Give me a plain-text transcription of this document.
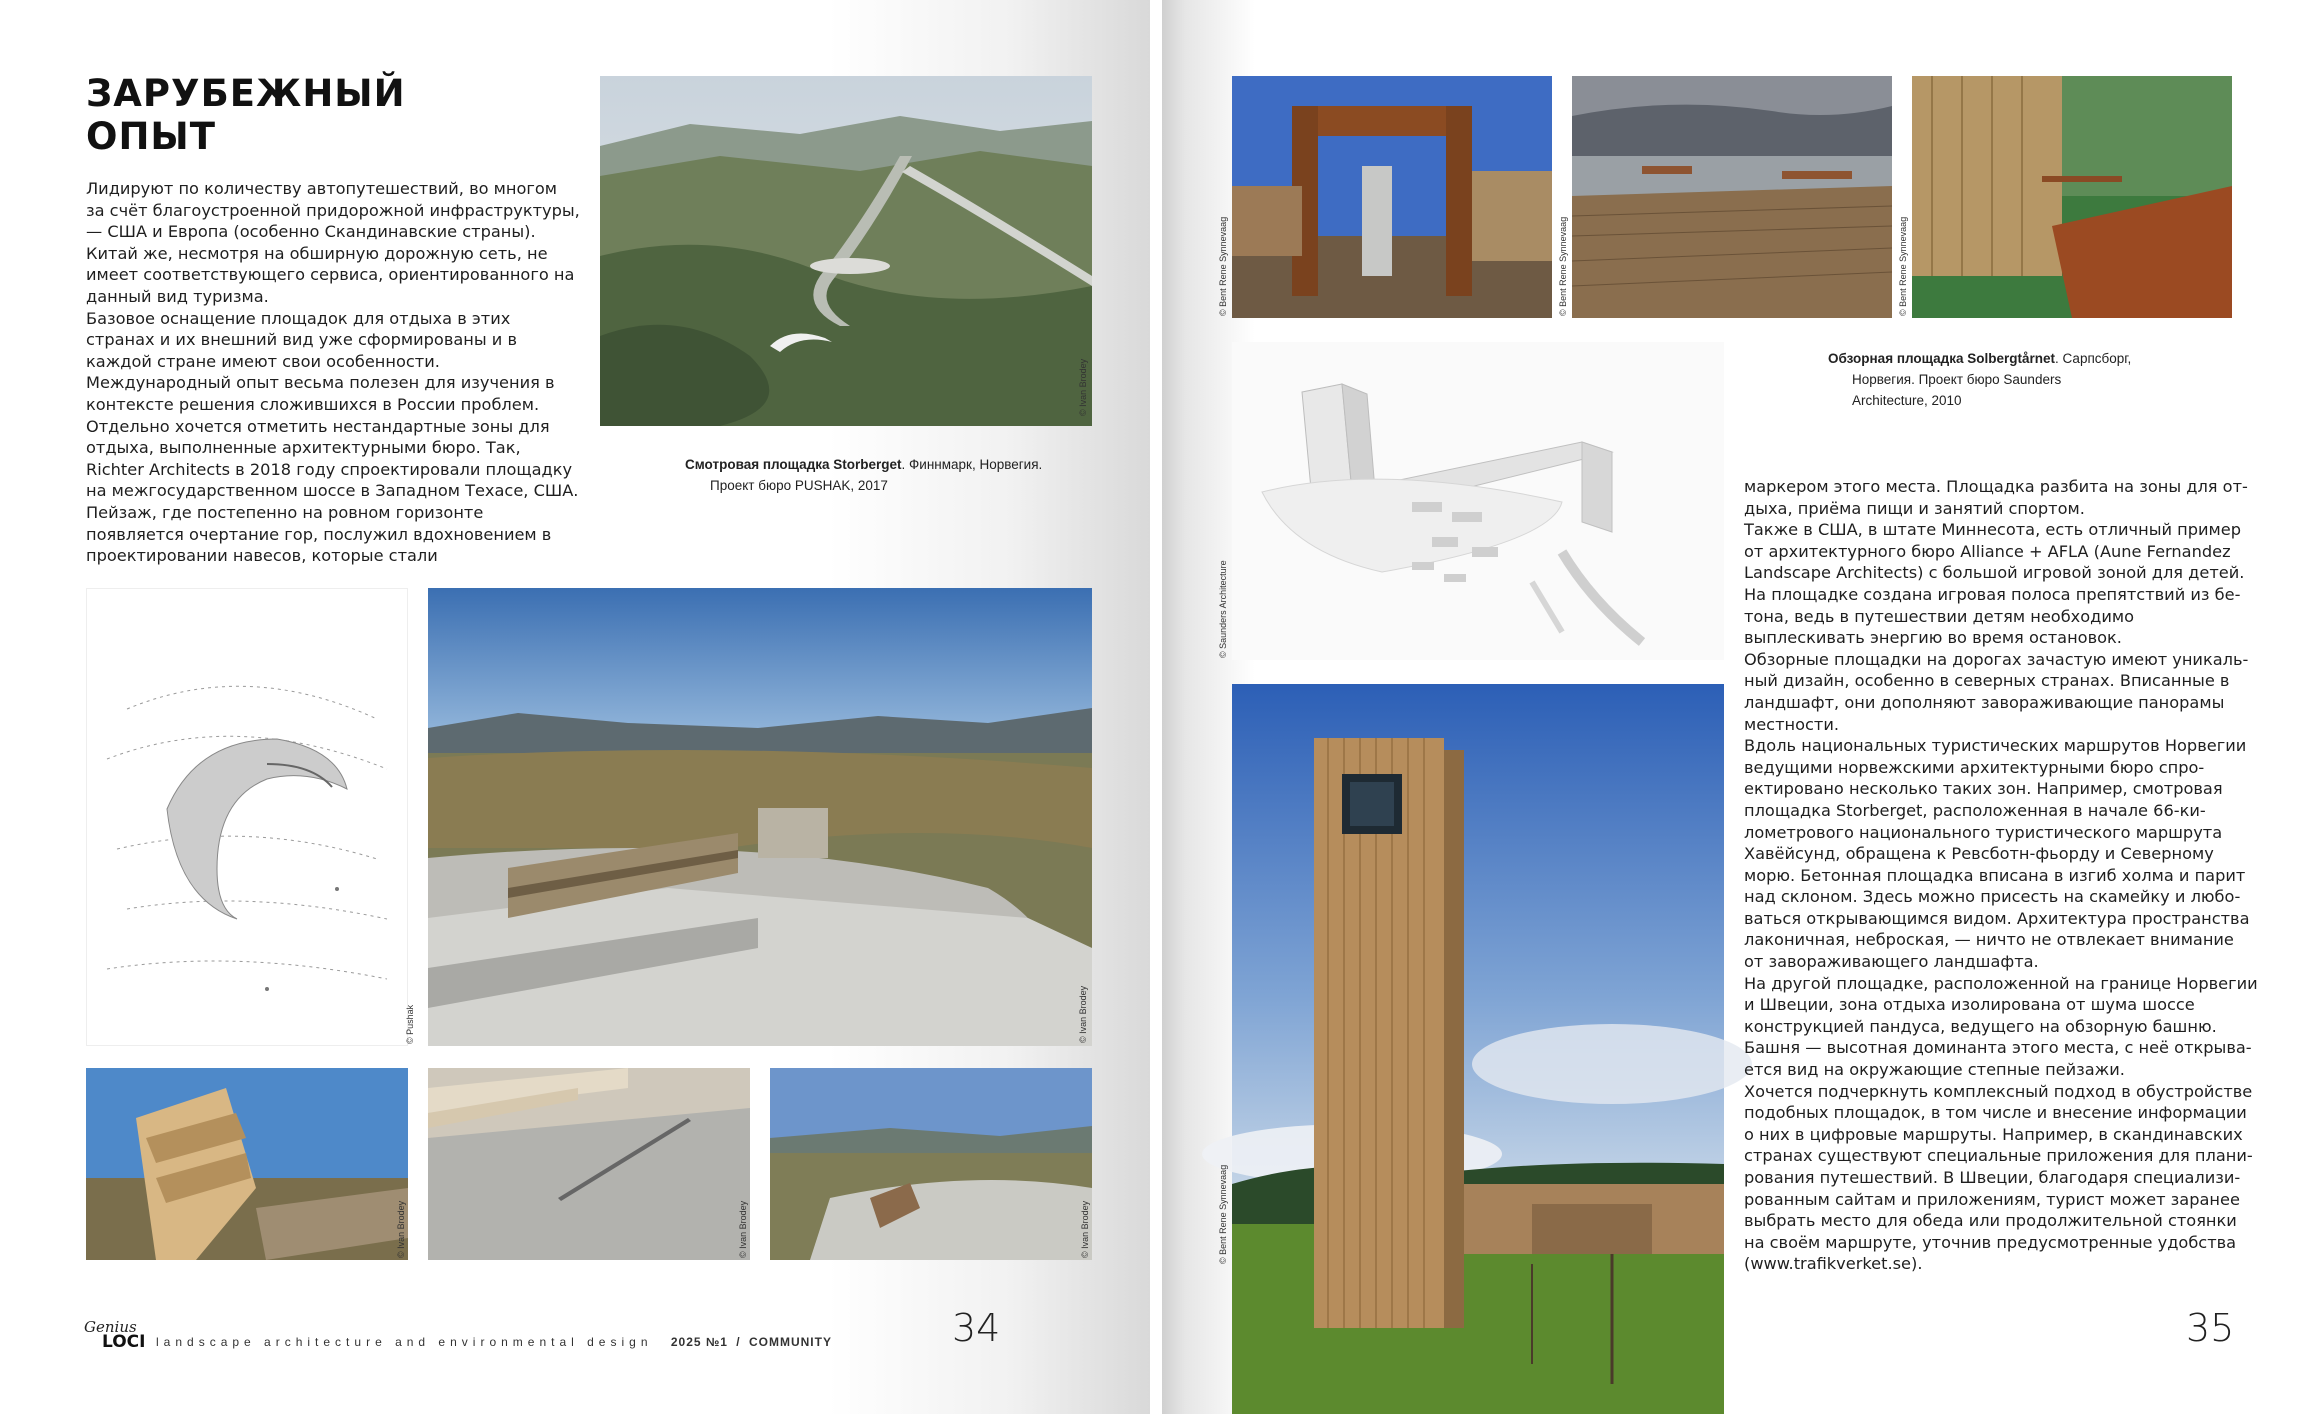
ЗАРУБЕЖНЫЙ
ОПЫТ

Лидируют по количеству автопутешествий, во многом за счёт благоустроенной придорожной инфраструктуры, — США и Европа (особенно Скандинавские страны). Китай же, несмотря на обширную дорожную сеть, не имеет соответствующего сервиса, ориентированного на данный вид туризма.

Базовое оснащение площадок для отдыха в этих странах и их внешний вид уже сформированы и в каждой стране имеют свои особенности. Международный опыт весьма полезен для изучения в контексте решения сложившихся в России проблем.

Отдельно хочется отметить нестандартные зоны для отдыха, выполненные архитектурными бюро. Так, Richter Architects в 2018 году спроектировали площадку на межгосударственном шоссе в Западном Техасе, США. Пейзаж, где постепенно на ровном горизонте появляется очертание гор, послужил вдохновением в проектировании навесов, которые стали

© Ivan Brodey
Смотровая площадка Storberget. Финнмарк, Норвегия.
Проект бюро PUSHAK, 2017
© Pushak	© Ivan Brodey
© Ivan Brodey	© Ivan Brodey	© Ivan Brodey
Genius
LOCI landscape architecture and environmental design 2025 №1 / COMMUNITY	34
© Bent Rene Synnevaag	© Bent Rene Synnevaag	© Bent Rene Synnevaag
© Saunders Architecture
Обзорная площадка Solbergtårnet. Сарпсборг,
Норвегия. Проект бюро Saunders
Architecture, 2010
© Bent Rene Synnevaag

маркером этого места. Площадка разбита на зоны для отдыха, приёма пищи и занятий спортом.

Также в США, в штате Миннесота, есть отличный пример от архитектурного бюро Alliance + AFLA (Aune Fernandez Landscape Architects) с большой игровой зоной для детей. На площадке создана игровая полоса препятствий из бетона, ведь в путешествии детям необходимо выплескивать энергию во время остановок.

Обзорные площадки на дорогах зачастую имеют уникальный дизайн, особенно в северных странах. Вписанные в ландшафт, они дополняют завораживающие панорамы местности.

Вдоль национальных туристических маршрутов Норвегии ведущими норвежскими архитектурными бюро спроектировано несколько таких зон. Например, смотровая площадка Storberget, расположенная в начале 66-километрового национального туристического маршрута Хавёйсунд, обращена к Ревсботн-фьорду и Северному морю. Бетонная площадка вписана в изгиб холма и парит над склоном. Здесь можно присесть на скамейку и любоваться открывающимся видом. Архитектура пространства лаконичная, неброская, — ничто не отвлекает внимание от завораживающего ландшафта.

На другой площадке, расположенной на границе Норвегии и Швеции, зона отдыха изолирована от шума шоссе конструкцией пандуса, ведущего на обзорную башню. Башня — высотная доминанта этого места, с неё открывается вид на окружающие степные пейзажи.

Хочется подчеркнуть комплексный подход в обустройстве подобных площадок, в том числе и внесение информации о них в цифровые маршруты. Например, в скандинавских странах существуют специальные приложения для планирования путешествий. В Швеции, благодаря специализированным сайтам и приложениям, турист может заранее выбрать место для обеда или продолжительной стоянки на своём маршруте, уточнив предусмотренные удобства (www.trafikverket.se).

35
